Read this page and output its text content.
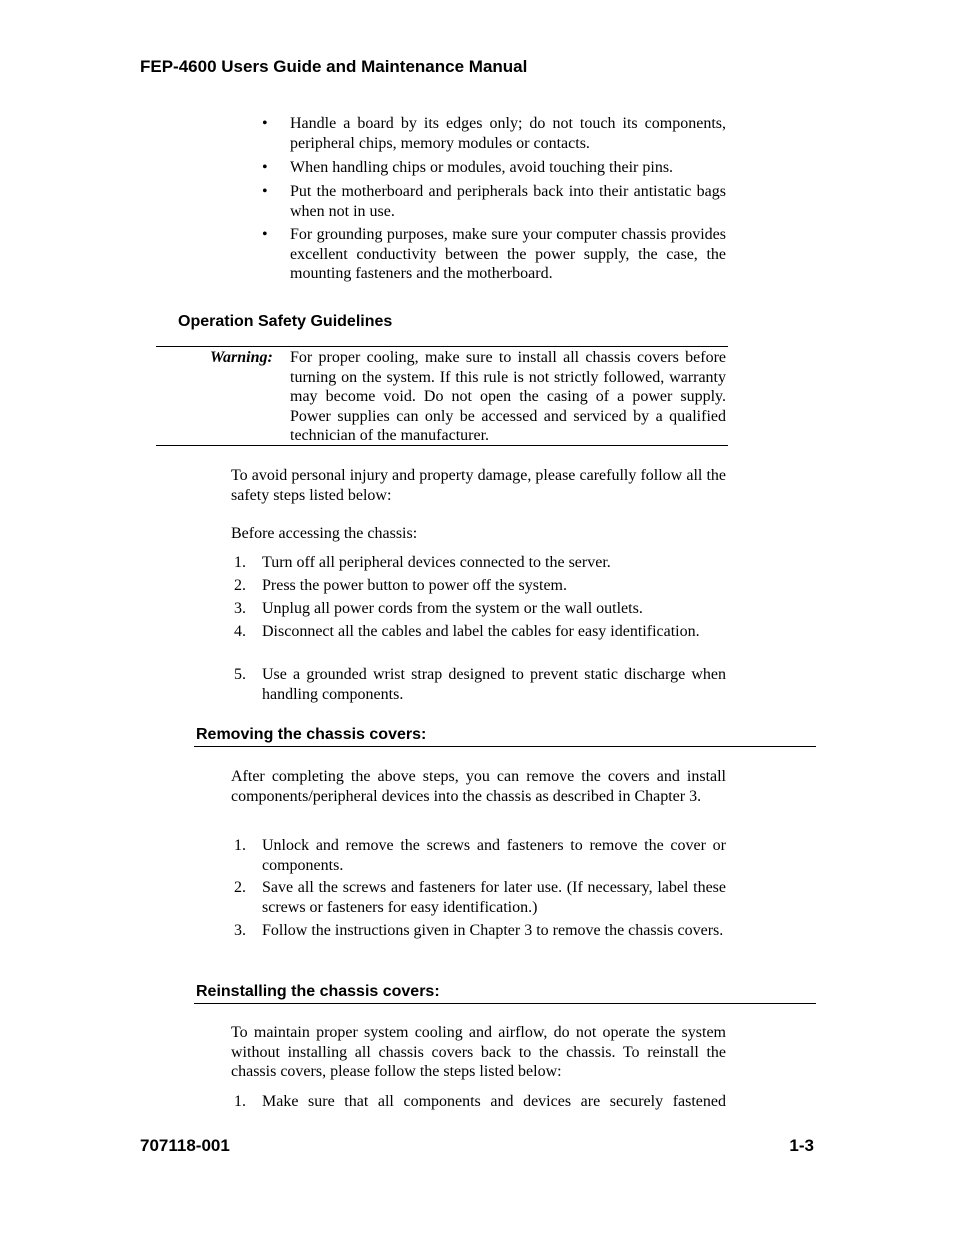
FEP-4600 Users Guide and Maintenance Manual
• Handle a board by its edges only; do not touch its components, peripheral chips, memory modules or contacts.
• When handling chips or modules, avoid touching their pins.
• Put the motherboard and peripherals back into their antistatic bags when not in use.
• For grounding purposes, make sure your computer chassis provides excellent conductivity between the power supply, the case, the mounting fasteners and the motherboard.
Operation Safety Guidelines
Warning: For proper cooling, make sure to install all chassis covers before turning on the system. If this rule is not strictly followed, warranty may become void. Do not open the casing of a power supply. Power supplies can only be accessed and serviced by a qualified technician of the manufacturer.
To avoid personal injury and property damage, please carefully follow all the safety steps listed below:
Before accessing the chassis:
1. Turn off all peripheral devices connected to the server.
2. Press the power button to power off the system.
3. Unplug all power cords from the system or the wall outlets.
4. Disconnect all the cables and label the cables for easy identification.
5. Use a grounded wrist strap designed to prevent static discharge when handling components.
Removing the chassis covers:
After completing the above steps, you can remove the covers and install components/peripheral devices into the chassis as described in Chapter 3.
1. Unlock and remove the screws and fasteners to remove the cover or components.
2. Save all the screws and fasteners for later use. (If necessary, label these screws or fasteners for easy identification.)
3. Follow the instructions given in Chapter 3 to remove the chassis covers.
Reinstalling the chassis covers:
To maintain proper system cooling and airflow, do not operate the system without installing all chassis covers back to the chassis. To reinstall the chassis covers, please follow the steps listed below:
1. Make sure that all components and devices are securely fastened
707118-001	1-3
